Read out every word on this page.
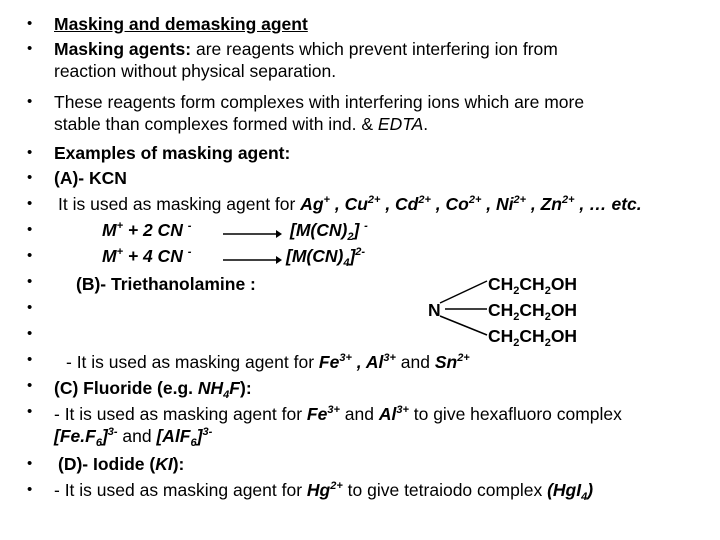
•
•
•
•
•
•
•
•
•
•
•
•
•
•
•
•
Masking and demasking agent
Masking agents: are reagents which prevent interfering ion from
reaction without physical separation.
These reagents form complexes with interfering ions which are more
stable than complexes formed with ind. & EDTA.
Examples of masking agent:
(A)- KCN
It is used as masking agent for Ag+ , $Cu^{2+}$ , $Cd^{2+}$ , $Co^{2+}$ , $Ni^{2+}$ , $Zn^{2+}$ , … etc.
M+ + 2 CN $^- \to [M(CN)_2]$ -
M+ + 4 CN $^- \to [M(CN)_4]^{2-}$
(B)- Triethanolamine :	$CH_2CH_2OH$
N	$CH_2CH_2OH$
$CH_2CH_2OH$
- It is used as masking agent for $Fe^{3+}$ , $Al^{3+}$ and $Sn^{2+}$
(C) Fluoride (e.g. $NH_4F$):
- It is used as masking agent for $Fe^{3+}$ and $Al^{3+}$ to give hexafluoro complex
$[Fe.F_6]^{3-}$ and $[AlF_6]^{3-}$
(D)- Iodide (KI):
- It is used as masking agent for $Hg^{2+}$ to give tetraiodo complex (HgI$_4$)
